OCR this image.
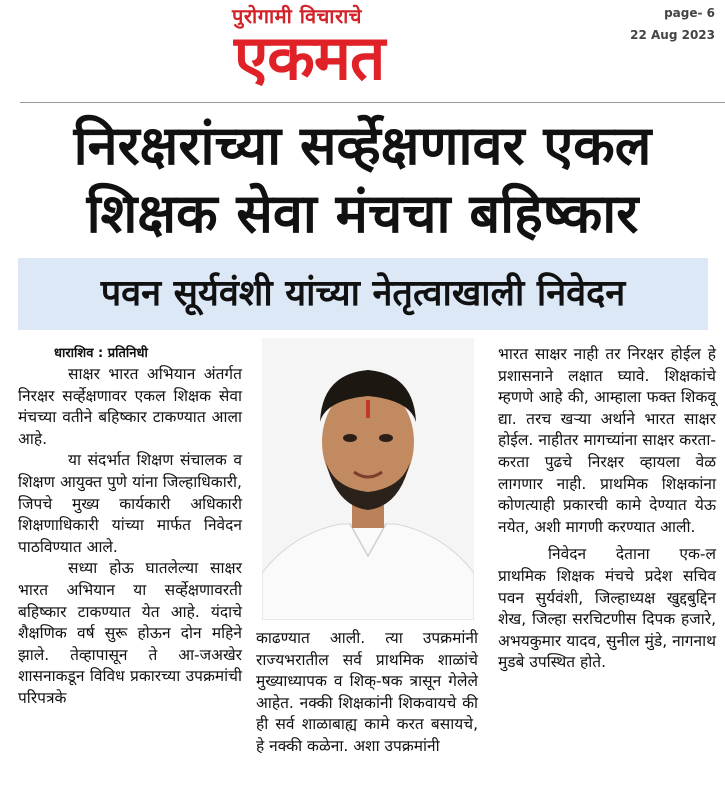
पुरोगामी विचाराचे
एकमत
page- 6
22 Aug 2023
निरक्षरांच्या सर्व्हेक्षणावर एकल
शिक्षक सेवा मंचचा बहिष्कार
पवन सूर्यवंशी यांच्या नेतृत्वाखाली निवेदन

धाराशिव : प्रतिनिधी

साक्षर भारत अभियान अंतर्गत निरक्षर सर्व्हेक्षणावर एकल शिक्षक सेवा मंचच्या वतीने बहिष्कार टाकण्यात आला आहे.

या संदर्भात शिक्षण संचालक व शिक्षण आयुक्त पुणे यांना जिल्हाधिकारी, जिपचे मुख्य कार्यकारी अधिकारी शिक्षणाधिकारी यांच्या मार्फत निवेदन पाठविण्यात आले.

सध्या होऊ घातलेल्या साक्षर भारत अभियान या सर्व्हेक्षणावरती बहिष्कार टाकण्यात येत आहे. यंदाचे शैक्षणिक वर्ष सुरू होऊन दोन महिने झाले. तेव्हापासून ते आ-जअखेर शासनाकडून विविध प्रकारच्या उपक्रमांची परिपत्रके

काढण्यात आली. त्या उपक्रमांनी राज्यभरातील सर्व प्राथमिक शाळांचे मुख्याध्यापक व शिक्-षक त्रासून गेलेले आहेत. नक्की शिक्षकांनी शिकवायचे की ही सर्व शाळाबाह्य कामे करत बसायचे, हे नक्की कळेना. अशा उपक्रमांनी

भारत साक्षर नाही तर निरक्षर होईल हे प्रशासनाने लक्षात घ्यावे. शिक्षकांचे म्हणणे आहे की, आम्हाला फक्त शिकवू द्या. तरच खऱ्या अर्थाने भारत साक्षर होईल. नाहीतर मागच्यांना साक्षर करता-करता पुढचे निरक्षर व्हायला वेळ लागणार नाही. प्राथमिक शिक्षकांना कोणत्याही प्रकारची कामे देण्यात येऊ नयेत, अशी मागणी करण्यात आली.

निवेदन देताना एक-ल प्राथमिक शिक्षक मंचचे प्रदेश सचिव पवन सुर्यवंशी, जिल्हाध्यक्ष खुद्दबुद्दिन शेख, जिल्हा सरचिटणीस दिपक हजारे, अभयकुमार यादव, सुनील मुंडे, नागनाथ मुडबे उपस्थित होते.
